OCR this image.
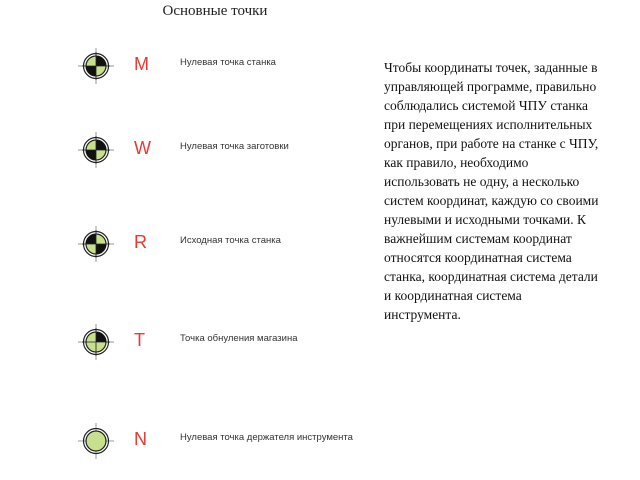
Основные точки
M	Нулевая точка станка
W	Нулевая точка заготовки
R	Исходная точка станка
T	Точка обнуления магазина
N	Нулевая точка держателя инструмента
Чтобы координаты точек, заданные в управляющей программе, правильно соблюдались системой ЧПУ станка при перемещениях исполнительных органов, при работе на станке с ЧПУ, как правило, необходимо использовать не одну, а несколько систем координат, каждую со своими нулевыми и исходными точками. К важнейшим системам координат относятся координатная система станка, координатная система детали и координатная система инструмента.
